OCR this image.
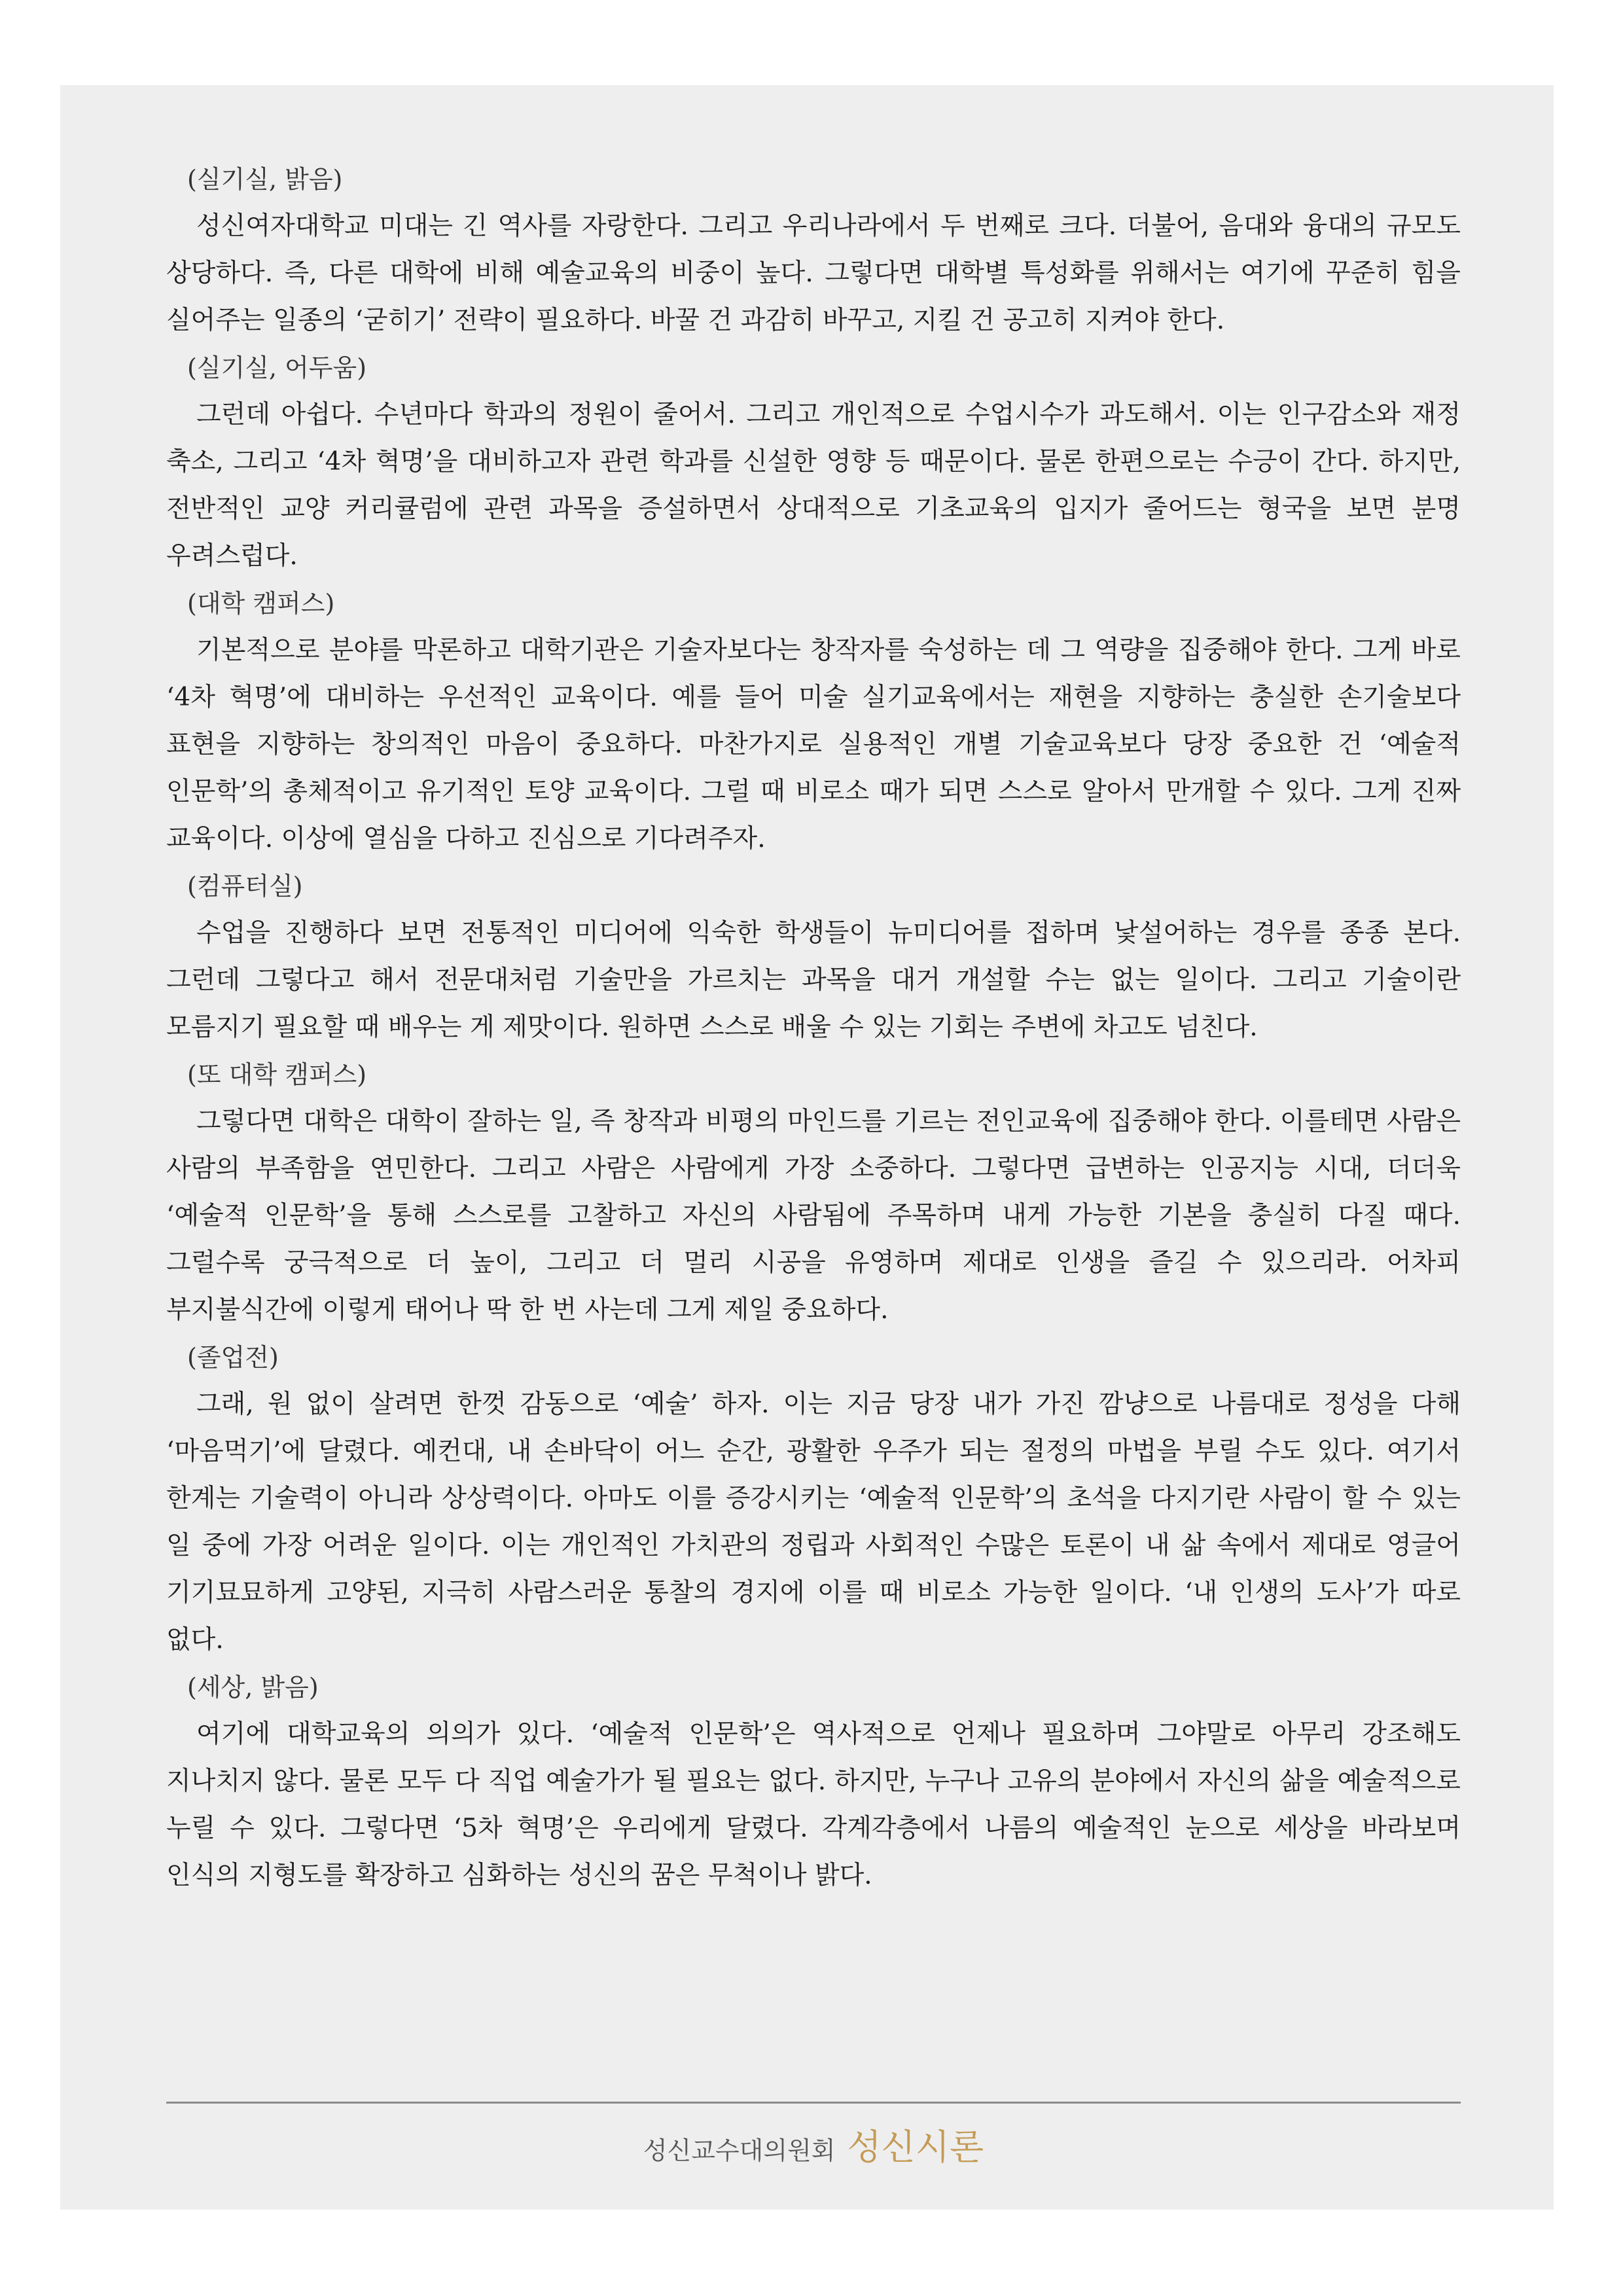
(실기실, 밝음)

성신여자대학교 미대는 긴 역사를 자랑한다. 그리고 우리나라에서 두 번째로 크다. 더불어, 음대와 융대의 규모도 상당하다. 즉, 다른 대학에 비해 예술교육의 비중이 높다. 그렇다면 대학별 특성화를 위해서는 여기에 꾸준히 힘을 실어주는 일종의 ‘굳히기’ 전략이 필요하다. 바꿀 건 과감히 바꾸고, 지킬 건 공고히 지켜야 한다.

(실기실, 어두움)

그런데 아쉽다. 수년마다 학과의 정원이 줄어서. 그리고 개인적으로 수업시수가 과도해서. 이는 인구감소와 재정 축소, 그리고 ‘4차 혁명’을 대비하고자 관련 학과를 신설한 영향 등 때문이다. 물론 한편으로는 수긍이 간다. 하지만, 전반적인 교양 커리큘럼에 관련 과목을 증설하면서 상대적으로 기초교육의 입지가 줄어드는 형국을 보면 분명 우려스럽다.

(대학 캠퍼스)

기본적으로 분야를 막론하고 대학기관은 기술자보다는 창작자를 숙성하는 데 그 역량을 집중해야 한다. 그게 바로 ‘4차 혁명’에 대비하는 우선적인 교육이다. 예를 들어 미술 실기교육에서는 재현을 지향하는 충실한 손기술보다 표현을 지향하는 창의적인 마음이 중요하다. 마찬가지로 실용적인 개별 기술교육보다 당장 중요한 건 ‘예술적 인문학’의 총체적이고 유기적인 토양 교육이다. 그럴 때 비로소 때가 되면 스스로 알아서 만개할 수 있다. 그게 진짜 교육이다. 이상에 열심을 다하고 진심으로 기다려주자.

(컴퓨터실)

수업을 진행하다 보면 전통적인 미디어에 익숙한 학생들이 뉴미디어를 접하며 낯설어하는 경우를 종종 본다. 그런데 그렇다고 해서 전문대처럼 기술만을 가르치는 과목을 대거 개설할 수는 없는 일이다. 그리고 기술이란 모름지기 필요할 때 배우는 게 제맛이다. 원하면 스스로 배울 수 있는 기회는 주변에 차고도 넘친다.

(또 대학 캠퍼스)

그렇다면 대학은 대학이 잘하는 일, 즉 창작과 비평의 마인드를 기르는 전인교육에 집중해야 한다. 이를테면 사람은 사람의 부족함을 연민한다. 그리고 사람은 사람에게 가장 소중하다. 그렇다면 급변하는 인공지능 시대, 더더욱 ‘예술적 인문학’을 통해 스스로를 고찰하고 자신의 사람됨에 주목하며 내게 가능한 기본을 충실히 다질 때다. 그럴수록 궁극적으로 더 높이, 그리고 더 멀리 시공을 유영하며 제대로 인생을 즐길 수 있으리라. 어차피 부지불식간에 이렇게 태어나 딱 한 번 사는데 그게 제일 중요하다.

(졸업전)

그래, 원 없이 살려면 한껏 감동으로 ‘예술’ 하자. 이는 지금 당장 내가 가진 깜냥으로 나름대로 정성을 다해 ‘마음먹기’에 달렸다. 예컨대, 내 손바닥이 어느 순간, 광활한 우주가 되는 절정의 마법을 부릴 수도 있다. 여기서 한계는 기술력이 아니라 상상력이다. 아마도 이를 증강시키는 ‘예술적 인문학’의 초석을 다지기란 사람이 할 수 있는 일 중에 가장 어려운 일이다. 이는 개인적인 가치관의 정립과 사회적인 수많은 토론이 내 삶 속에서 제대로 영글어 기기묘묘하게 고양된, 지극히 사람스러운 통찰의 경지에 이를 때 비로소 가능한 일이다. ‘내 인생의 도사’가 따로 없다.

(세상, 밝음)

여기에 대학교육의 의의가 있다. ‘예술적 인문학’은 역사적으로 언제나 필요하며 그야말로 아무리 강조해도 지나치지 않다. 물론 모두 다 직업 예술가가 될 필요는 없다. 하지만, 누구나 고유의 분야에서 자신의 삶을 예술적으로 누릴 수 있다. 그렇다면 ‘5차 혁명’은 우리에게 달렸다. 각계각층에서 나름의 예술적인 눈으로 세상을 바라보며 인식의 지형도를 확장하고 심화하는 성신의 꿈은 무척이나 밝다.

성신교수대의원회 성신시론
